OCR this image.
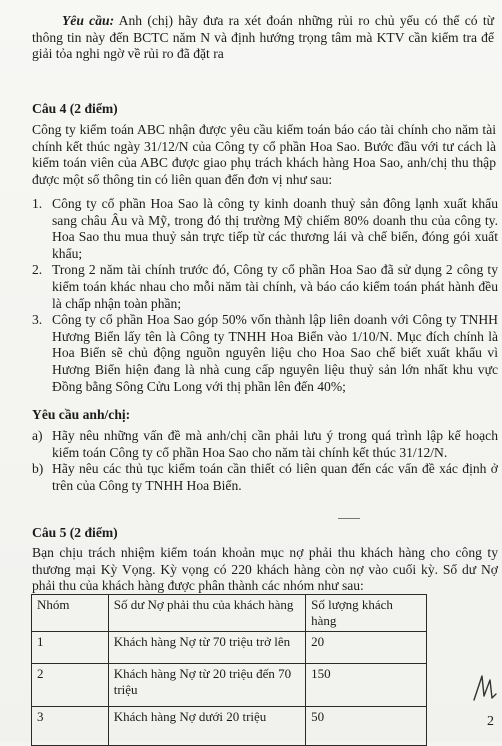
Yêu cầu: Anh (chị) hãy đưa ra xét đoán những rủi ro chủ yếu có thể có từ thông tin này đến BCTC năm N và định hướng trọng tâm mà KTV cần kiểm tra để giải tỏa nghi ngờ về rủi ro đã đặt ra
Câu 4 (2 điểm)
Công ty kiểm toán ABC nhận được yêu cầu kiểm toán báo cáo tài chính cho năm tài chính kết thúc ngày 31/12/N của Công ty cổ phần Hoa Sao. Bước đầu với tư cách là kiểm toán viên của ABC được giao phụ trách khách hàng Hoa Sao, anh/chị thu thập được một số thông tin có liên quan đến đơn vị như sau:
1. Công ty cổ phần Hoa Sao là công ty kinh doanh thuỷ sản đông lạnh xuất khẩu sang châu Âu và Mỹ, trong đó thị trường Mỹ chiếm 80% doanh thu của công ty. Hoa Sao thu mua thuỷ sản trực tiếp từ các thương lái và chế biến, đóng gói xuất khẩu;
2. Trong 2 năm tài chính trước đó, Công ty cổ phần Hoa Sao đã sử dụng 2 công ty kiểm toán khác nhau cho mỗi năm tài chính, và báo cáo kiểm toán phát hành đều là chấp nhận toàn phần;
3. Công ty cổ phần Hoa Sao góp 50% vốn thành lập liên doanh với Công ty TNHH Hương Biển lấy tên là Công ty TNHH Hoa Biển vào 1/10/N. Mục đích chính là Hoa Biển sẽ chủ động nguồn nguyên liệu cho Hoa Sao chế biết xuất khẩu vì Hương Biển hiện đang là nhà cung cấp nguyên liệu thuỷ sản lớn nhất khu vực Đồng bằng Sông Cửu Long với thị phần lên đến 40%;
Yêu cầu anh/chị:
a) Hãy nêu những vấn đề mà anh/chị cần phải lưu ý trong quá trình lập kế hoạch kiểm toán Công ty cổ phần Hoa Sao cho năm tài chính kết thúc 31/12/N.
b) Hãy nêu các thủ tục kiểm toán cần thiết có liên quan đến các vấn đề xác định ở trên của Công ty TNHH Hoa Biển.
Câu 5 (2 điểm)
Bạn chịu trách nhiệm kiểm toán khoản mục nợ phải thu khách hàng cho công ty thương mại Kỳ Vọng. Kỳ vọng có 220 khách hàng còn nợ vào cuối kỳ. Số dư Nợ phải thu của khách hàng được phân thành các nhóm như sau:
Nhóm	Số dư Nợ phải thu của khách hàng	Số lượng khách hàng
1	Khách hàng Nợ từ 70 triệu trở lên	20
2	Khách hàng Nợ từ 20 triệu đến 70 triệu	150
3	Khách hàng Nợ dưới 20 triệu	50	2
